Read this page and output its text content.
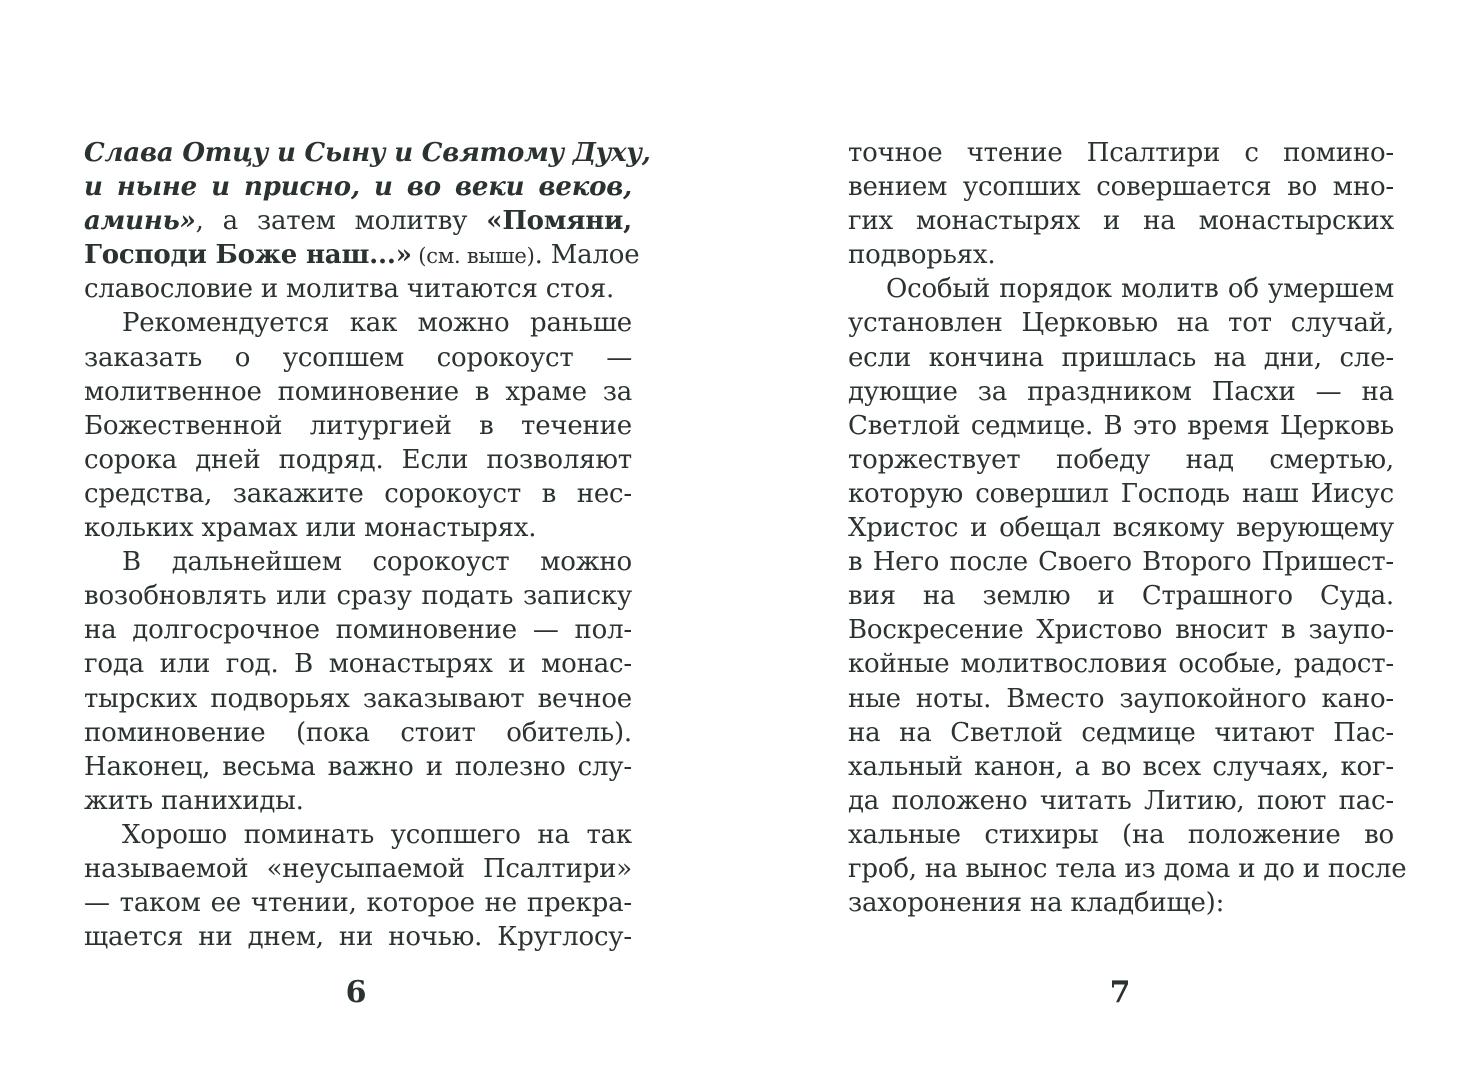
Слава Отцу и Сыну и Святому Духу,
и ныне и присно, и во веки веков,
аминь», а затем молитву «Помяни,
Господи Боже наш...» (см. выше). Малое
славословие и молитва читаются стоя.
Рекомендуется как можно раньше
заказать о усопшем сорокоуст —
молитвенное поминовение в храме за
Божественной литургией в течение
сорока дней подряд. Если позволяют
средства, закажите сорокоуст в нес-
кольких храмах или монастырях.
В дальнейшем сорокоуст можно
возобновлять или сразу подать записку
на долгосрочное поминовение — пол-
года или год. В монастырях и монас-
тырских подворьях заказывают вечное
поминовение (пока стоит обитель).
Наконец, весьма важно и полезно слу-
жить панихиды.
Хорошо поминать усопшего на так
называемой «неусыпаемой Псалтири»
— таком ее чтении, которое не прекра-
щается ни днем, ни ночью. Круглосу-
6
точное чтение Псалтири с помино-
вением усопших совершается во мно-
гих монастырях и на монастырских
подворьях.
Особый порядок молитв об умершем
установлен Церковью на тот случай,
если кончина пришлась на дни, сле-
дующие за праздником Пасхи — на
Светлой седмице. В это время Церковь
торжествует победу над смертью,
которую совершил Господь наш Иисус
Христос и обещал всякому верующему
в Него после Своего Второго Пришест-
вия на землю и Страшного Суда.
Воскресение Христово вносит в заупо-
койные молитвословия особые, радост-
ные ноты. Вместо заупокойного кано-
на на Светлой седмице читают Пас-
хальный канон, а во всех случаях, ког-
да положено читать Литию, поют пас-
хальные стихиры (на положение во
гроб, на вынос тела из дома и до и после
захоронения на кладбище):
7
